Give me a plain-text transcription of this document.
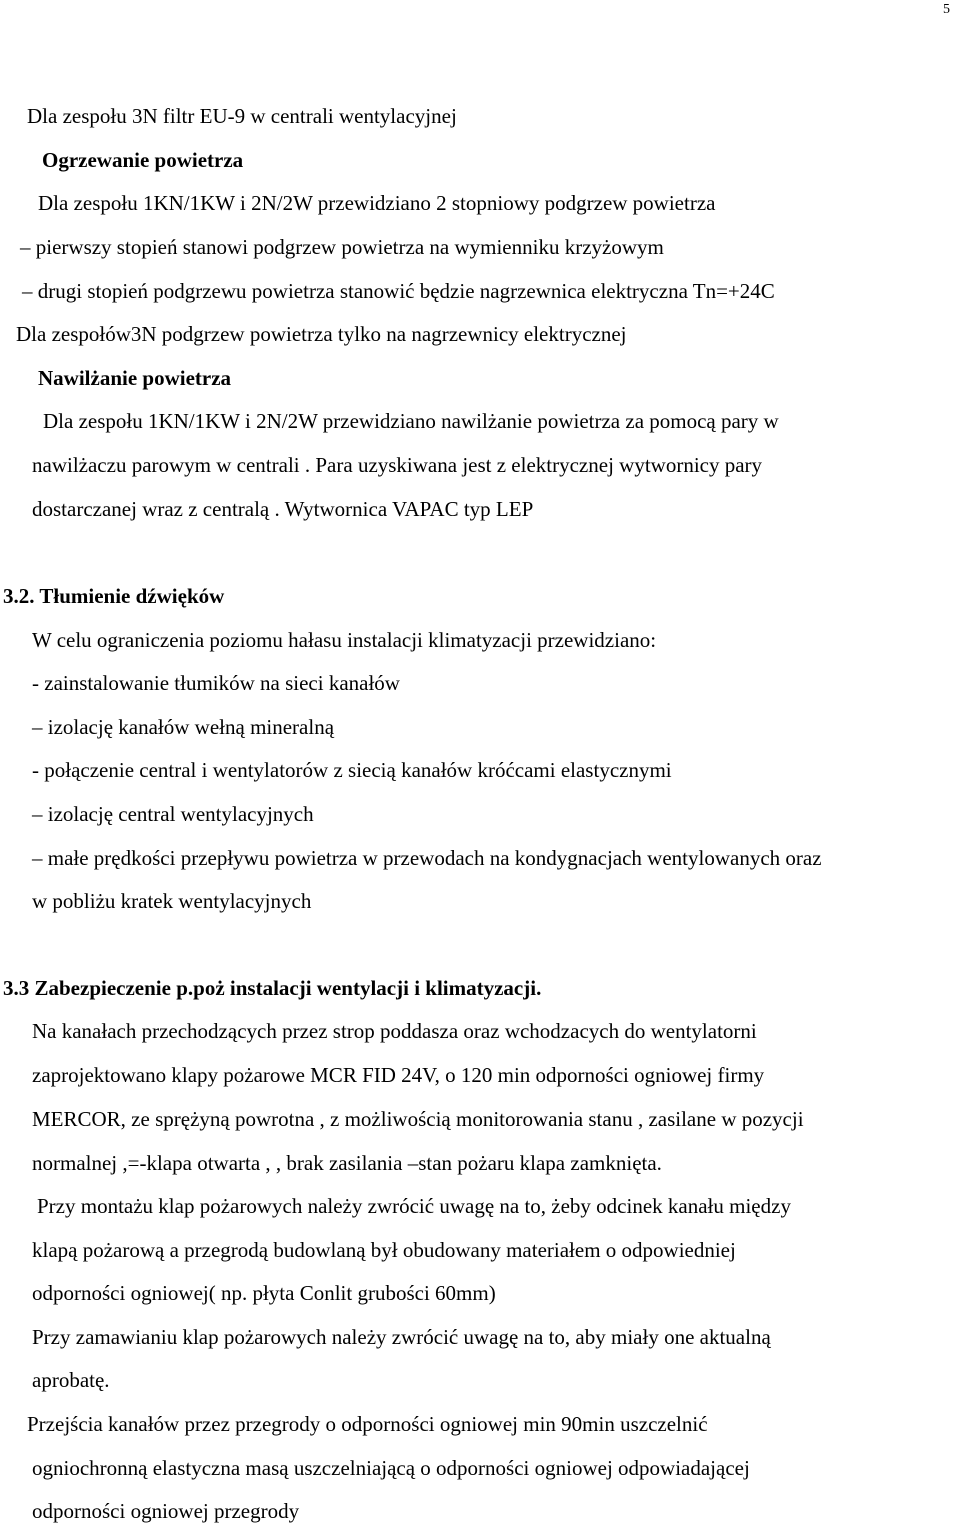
5
Dla zespołu 3N filtr EU-9 w centrali wentylacyjnej
Ogrzewanie powietrza
Dla zespołu 1KN/1KW i 2N/2W przewidziano 2 stopniowy podgrzew powietrza
– pierwszy stopień stanowi podgrzew powietrza na wymienniku krzyżowym
– drugi stopień podgrzewu powietrza stanowić będzie nagrzewnica elektryczna Tn=+24C
Dla zespołów3N podgrzew powietrza tylko na nagrzewnicy elektrycznej
Nawilżanie powietrza
Dla zespołu 1KN/1KW i 2N/2W przewidziano nawilżanie powietrza za pomocą pary w
nawilżaczu parowym w centrali . Para uzyskiwana jest z elektrycznej wytwornicy pary
dostarczanej wraz z centralą . Wytwornica VAPAC typ LEP
3.2. Tłumienie dźwięków
W celu ograniczenia poziomu hałasu instalacji klimatyzacji przewidziano:
- zainstalowanie tłumików na sieci kanałów
– izolację kanałów wełną mineralną
- połączenie central i wentylatorów z siecią kanałów króćcami elastycznymi
– izolację central wentylacyjnych
– małe prędkości przepływu powietrza w przewodach na kondygnacjach wentylowanych oraz
w pobliżu kratek wentylacyjnych
3.3 Zabezpieczenie p.poż instalacji wentylacji i klimatyzacji.
Na kanałach przechodzących przez strop poddasza oraz wchodzacych do wentylatorni
zaprojektowano klapy pożarowe MCR FID 24V, o 120 min odporności ogniowej firmy
MERCOR, ze sprężyną powrotna , z możliwością monitorowania stanu , zasilane w pozycji
normalnej ,=-klapa otwarta , , brak zasilania –stan pożaru klapa zamknięta.
Przy montażu klap pożarowych należy zwrócić uwagę na to, żeby odcinek kanału między
klapą pożarową a przegrodą budowlaną był obudowany materiałem o odpowiedniej
odporności ogniowej( np. płyta Conlit grubości 60mm)
Przy zamawianiu klap pożarowych należy zwrócić uwagę na to, aby miały one aktualną
aprobatę.
Przejścia kanałów przez przegrody o odporności ogniowej min 90min uszczelnić
ogniochronną elastyczna masą uszczelniającą o odporności ogniowej odpowiadającej
odporności ogniowej przegrody
